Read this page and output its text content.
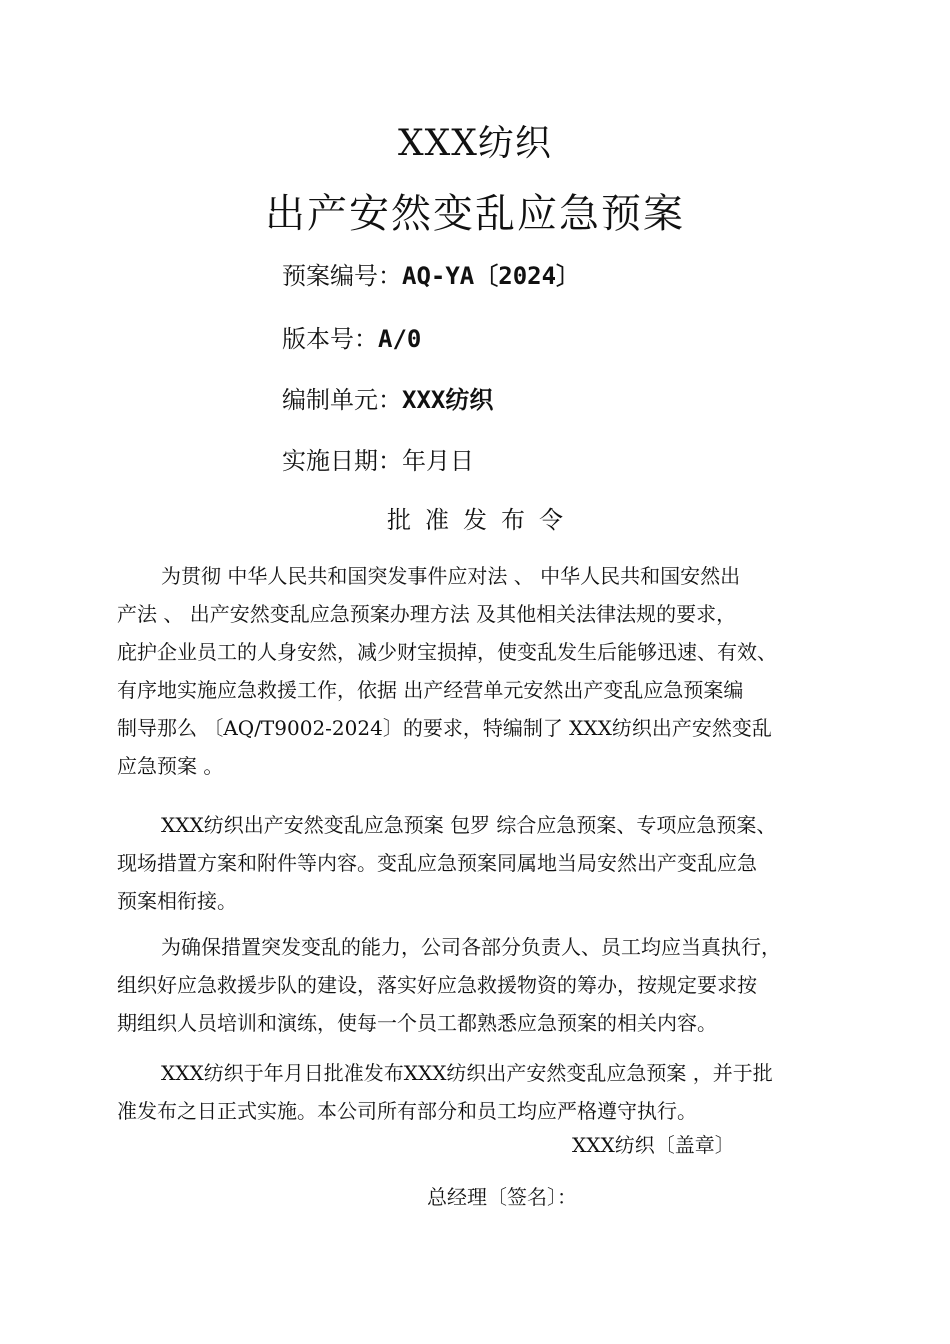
XXX纺织
出产安然变乱应急预案
预案编号：AQ-YA〔2024〕
版本号：A/0
编制单元：XXX纺织
实施日期：年月日
批准发布令
为贯彻 中华人民共和国突发事件应对法 、 中华人民共和国安然出
产法 、 出产安然变乱应急预案办理方法 及其他相关法律法规的要求，
庇护企业员工的人身安然，减少财宝损掉，使变乱发生后能够迅速、有效、
有序地实施应急救援工作，依据 出产经营单元安然出产变乱应急预案编
制导那么 〔AQ/T9002-2024〕的要求，特编制了 XXX纺织出产安然变乱
应急预案 。
XXX纺织出产安然变乱应急预案 包罗 综合应急预案、专项应急预案、
现场措置方案和附件等内容。变乱应急预案同属地当局安然出产变乱应急
预案相衔接。
为确保措置突发变乱的能力，公司各部分负责人、员工均应当真执行，
组织好应急救援步队的建设，落实好应急救援物资的筹办，按规定要求按
期组织人员培训和演练，使每一个员工都熟悉应急预案的相关内容。
XXX纺织于年月日批准发布XXX纺织出产安然变乱应急预案 ，并于批
准发布之日正式实施。本公司所有部分和员工均应严格遵守执行。
XXX纺织〔盖章〕
总经理〔签名〕：
